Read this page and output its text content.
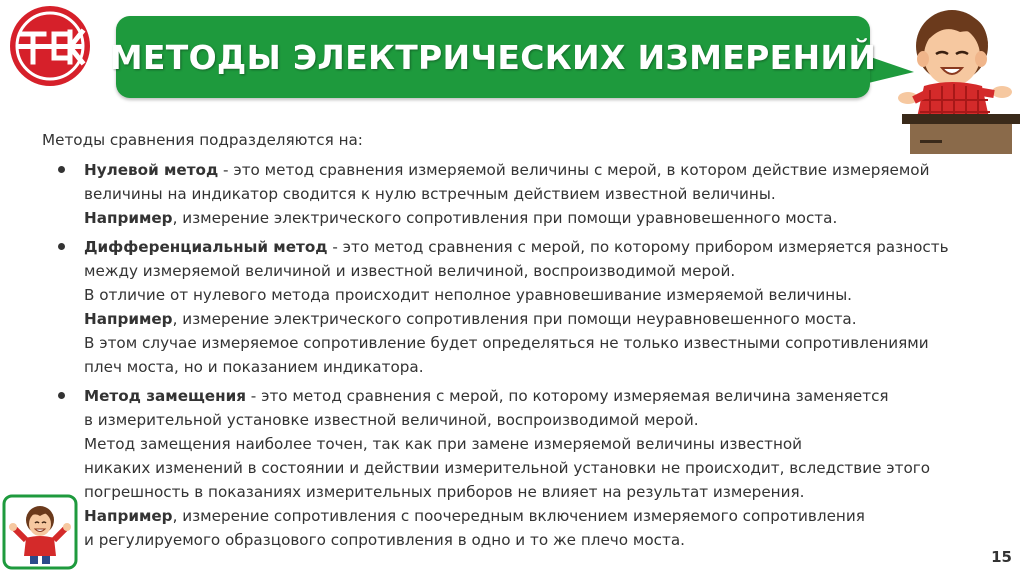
МЕТОДЫ ЭЛЕКТРИЧЕСКИХ ИЗМЕРЕНИЙ

Методы сравнения подразделяются на:

Нулевой метод - это метод сравнения измеряемой величины с мерой, в котором действие измеряемой
величины на индикатор сводится к нулю встречным действием известной величины.
Например, измерение электрического сопротивления при помощи уравновешенного моста.
Дифференциальный метод - это метод сравнения с мерой, по которому прибором измеряется разность
между измеряемой величиной и известной величиной, воспроизводимой мерой.
В отличие от нулевого метода происходит неполное уравновешивание измеряемой величины.
Например, измерение электрического сопротивления при помощи неуравновешенного моста.
В этом случае измеряемое сопротивление будет определяться не только известными сопротивлениями
плеч моста, но и показанием индикатора.
Метод замещения - это метод сравнения с мерой, по которому измеряемая величина заменяется
в измерительной установке известной величиной, воспроизводимой мерой.
Метод замещения наиболее точен, так как при замене измеряемой величины известной
никаких изменений в состоянии и действии измерительной установки не происходит, вследствие этого
погрешность в показаниях измерительных приборов не влияет на результат измерения.
Например, измерение сопротивления с поочередным включением измеряемого сопротивления
и регулируемого образцового сопротивления в одно и то же плечо моста.
15
